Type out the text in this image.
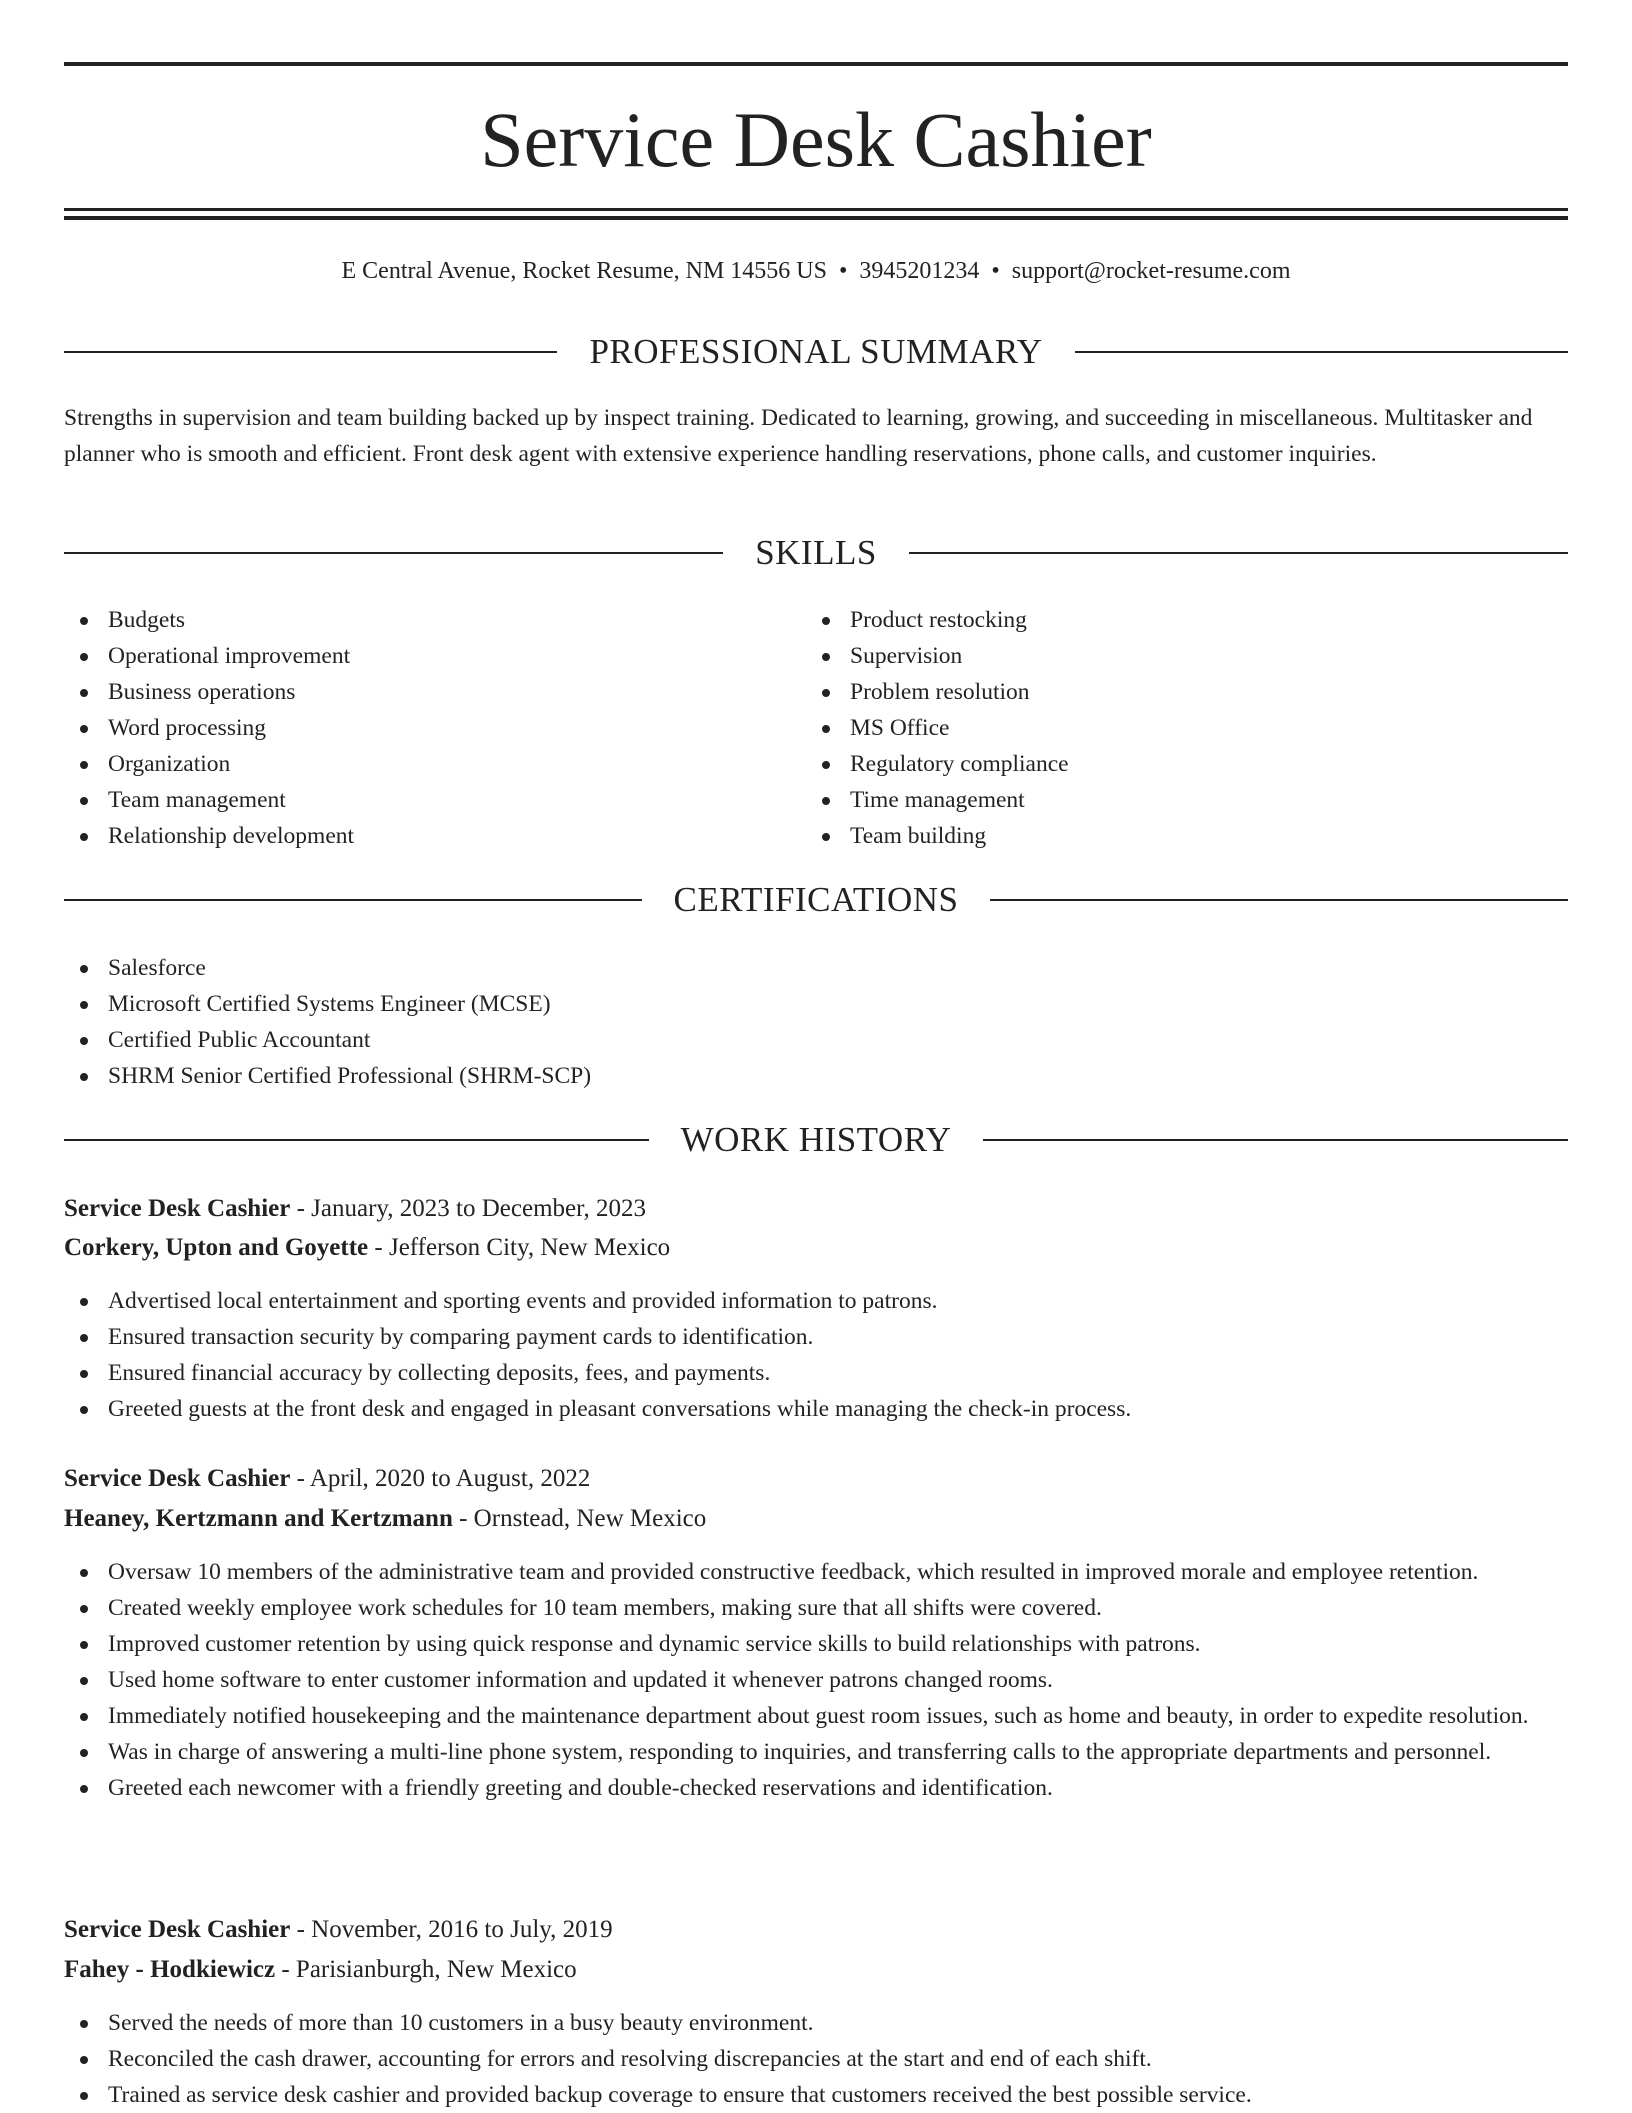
Service Desk Cashier
E Central Avenue, Rocket Resume, NM 14556 US • 3945201234 • support@rocket-resume.com
PROFESSIONAL SUMMARY
Strengths in supervision and team building backed up by inspect training. Dedicated to learning, growing, and succeeding in miscellaneous. Multitasker and planner who is smooth and efficient. Front desk agent with extensive experience handling reservations, phone calls, and customer inquiries.
SKILLS
Budgets
Operational improvement
Business operations
Word processing
Organization
Team management
Relationship development
Product restocking
Supervision
Problem resolution
MS Office
Regulatory compliance
Time management
Team building
CERTIFICATIONS
Salesforce
Microsoft Certified Systems Engineer (MCSE)
Certified Public Accountant
SHRM Senior Certified Professional (SHRM-SCP)
WORK HISTORY
Service Desk Cashier - January, 2023 to December, 2023
Corkery, Upton and Goyette - Jefferson City, New Mexico
Advertised local entertainment and sporting events and provided information to patrons.
Ensured transaction security by comparing payment cards to identification.
Ensured financial accuracy by collecting deposits, fees, and payments.
Greeted guests at the front desk and engaged in pleasant conversations while managing the check-in process.
Service Desk Cashier - April, 2020 to August, 2022
Heaney, Kertzmann and Kertzmann - Ornstead, New Mexico
Oversaw 10 members of the administrative team and provided constructive feedback, which resulted in improved morale and employee retention.
Created weekly employee work schedules for 10 team members, making sure that all shifts were covered.
Improved customer retention by using quick response and dynamic service skills to build relationships with patrons.
Used home software to enter customer information and updated it whenever patrons changed rooms.
Immediately notified housekeeping and the maintenance department about guest room issues, such as home and beauty, in order to expedite resolution.
Was in charge of answering a multi-line phone system, responding to inquiries, and transferring calls to the appropriate departments and personnel.
Greeted each newcomer with a friendly greeting and double-checked reservations and identification.
Service Desk Cashier - November, 2016 to July, 2019
Fahey - Hodkiewicz - Parisianburgh, New Mexico
Served the needs of more than 10 customers in a busy beauty environment.
Reconciled the cash drawer, accounting for errors and resolving discrepancies at the start and end of each shift.
Trained as service desk cashier and provided backup coverage to ensure that customers received the best possible service.
